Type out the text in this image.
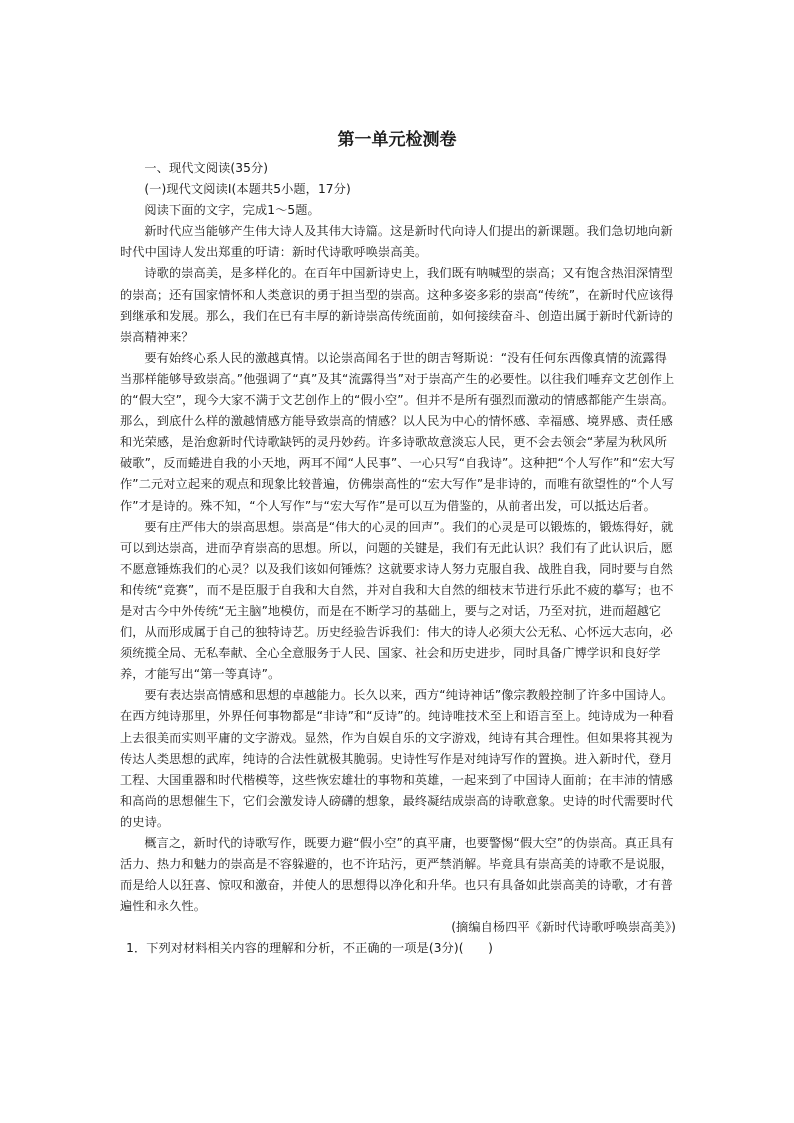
第一单元检测卷

一、现代文阅读(35分)

(一)现代文阅读Ⅰ(本题共5小题，17分)

阅读下面的文字，完成1～5题。

新时代应当能够产生伟大诗人及其伟大诗篇。这是新时代向诗人们提出的新课题。我们急切地向新时代中国诗人发出郑重的吁请：新时代诗歌呼唤崇高美。

诗歌的崇高美，是多样化的。在百年中国新诗史上，我们既有呐喊型的崇高；又有饱含热泪深情型的崇高；还有国家情怀和人类意识的勇于担当型的崇高。这种多姿多彩的崇高“传统”，在新时代应该得到继承和发展。那么，我们在已有丰厚的新诗崇高传统面前，如何接续奋斗、创造出属于新时代新诗的崇高精神来？

要有始终心系人民的激越真情。以论崇高闻名于世的朗吉弩斯说：“没有任何东西像真情的流露得当那样能够导致崇高。”他强调了“真”及其“流露得当”对于崇高产生的必要性。以往我们唾弃文艺创作上的“假大空”，现今大家不满于文艺创作上的“假小空”。但并不是所有强烈而激动的情感都能产生崇高。那么，到底什么样的激越情感方能导致崇高的情感？以人民为中心的情怀感、幸福感、境界感、责任感和光荣感，是治愈新时代诗歌缺钙的灵丹妙药。许多诗歌故意淡忘人民，更不会去领会“茅屋为秋风所破歌”，反而蜷进自我的小天地，两耳不闻“人民事”、一心只写“自我诗”。这种把“个人写作”和“宏大写作”二元对立起来的观点和现象比较普遍，仿佛崇高性的“宏大写作”是非诗的，而唯有欲望性的“个人写作”才是诗的。殊不知，“个人写作”与“宏大写作”是可以互为借鉴的，从前者出发，可以抵达后者。

要有庄严伟大的崇高思想。崇高是“伟大的心灵的回声”。我们的心灵是可以锻炼的，锻炼得好，就可以到达崇高，进而孕育崇高的思想。所以，问题的关键是，我们有无此认识？我们有了此认识后，愿不愿意锤炼我们的心灵？以及我们该如何锤炼？这就要求诗人努力克服自我、战胜自我，同时要与自然和传统“竞赛”，而不是臣服于自我和大自然，并对自我和大自然的细枝末节进行乐此不疲的摹写；也不是对古今中外传统“无主脑”地模仿，而是在不断学习的基础上，要与之对话，乃至对抗，进而超越它们，从而形成属于自己的独特诗艺。历史经验告诉我们：伟大的诗人必须大公无私、心怀远大志向，必须统揽全局、无私奉献、全心全意服务于人民、国家、社会和历史进步，同时具备广博学识和良好学养，才能写出“第一等真诗”。

要有表达崇高情感和思想的卓越能力。长久以来，西方“纯诗神话”像宗教般控制了许多中国诗人。在西方纯诗那里，外界任何事物都是“非诗”和“反诗”的。纯诗唯技术至上和语言至上。纯诗成为一种看上去很美而实则平庸的文字游戏。显然，作为自娱自乐的文字游戏，纯诗有其合理性。但如果将其视为传达人类思想的武库，纯诗的合法性就极其脆弱。史诗性写作是对纯诗写作的置换。进入新时代，登月工程、大国重器和时代楷模等，这些恢宏雄壮的事物和英雄，一起来到了中国诗人面前；在丰沛的情感和高尚的思想催生下，它们会激发诗人磅礴的想象，最终凝结成崇高的诗歌意象。史诗的时代需要时代的史诗。

概言之，新时代的诗歌写作，既要力避“假小空”的真平庸，也要警惕“假大空”的伪崇高。真正具有活力、热力和魅力的崇高是不容躲避的，也不许玷污，更严禁消解。毕竟具有崇高美的诗歌不是说服，而是给人以狂喜、惊叹和激奋，并使人的思想得以净化和升华。也只有具备如此崇高美的诗歌，才有普遍性和永久性。

(摘编自杨四平《新时代诗歌呼唤崇高美》)

1．下列对材料相关内容的理解和分析，不正确的一项是(3分)(　　)
